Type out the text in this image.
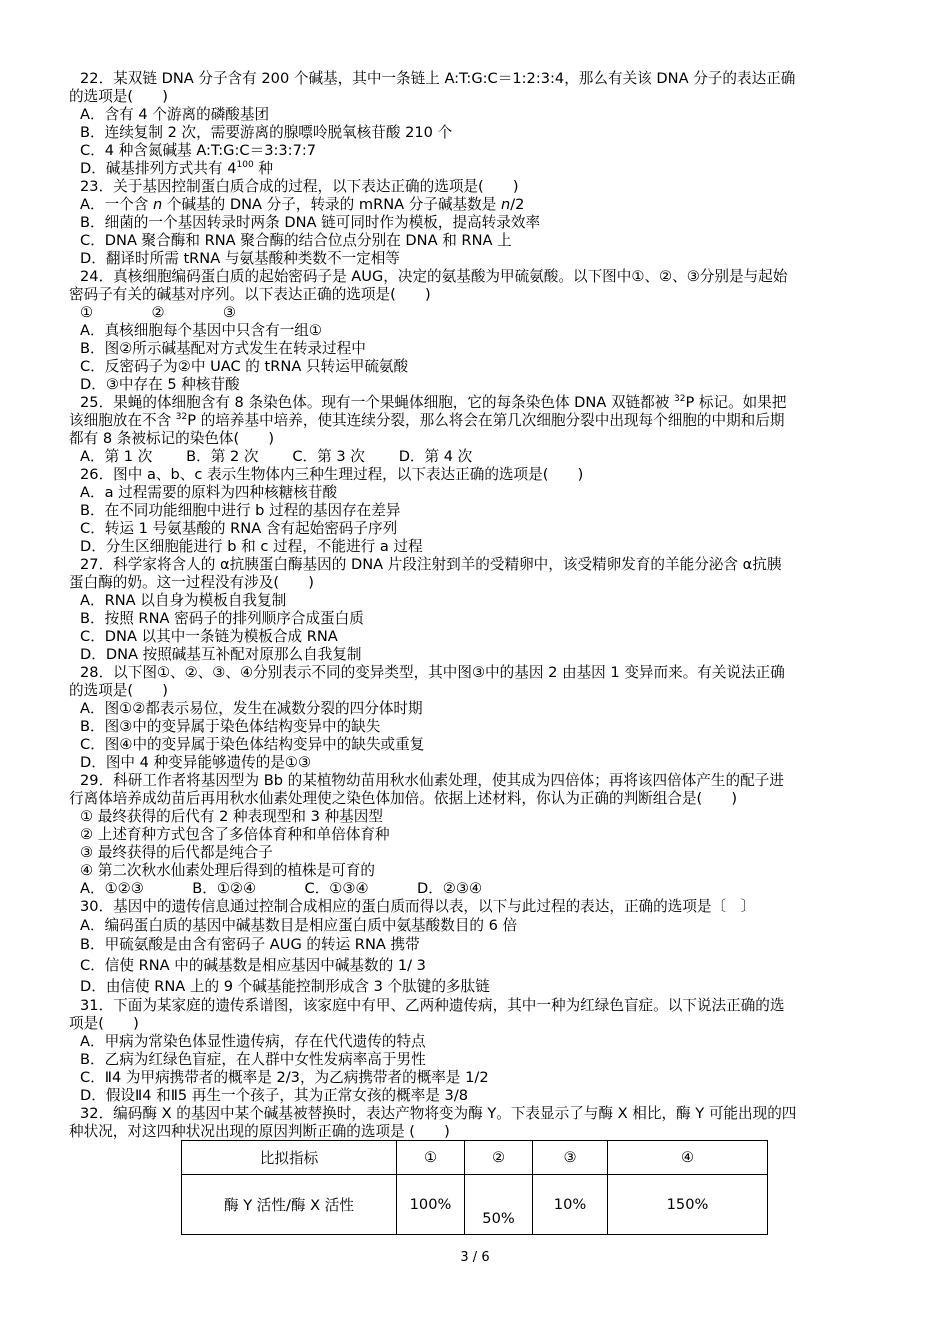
22．某双链 DNA 分子含有 200 个碱基，其中一条链上 A:T:G:C＝1:2:3:4，那么有关该 DNA 分子的表达正确
的选项是(　　)
A．含有 4 个游离的磷酸基团
B．连续复制 2 次，需要游离的腺嘌呤脱氧核苷酸 210 个
C．4 种含氮碱基 A:T:G:C＝3:3:7:7
D．碱基排列方式共有 $4^{100}$ 种
23．关于基因控制蛋白质合成的过程，以下表达正确的选项是(　　)
A．一个含 n 个碱基的 DNA 分子，转录的 mRNA 分子碱基数是 n/2
B．细菌的一个基因转录时两条 DNA 链可同时作为模板，提高转录效率
C．DNA 聚合酶和 RNA 聚合酶的结合位点分别在 DNA 和 RNA 上
D．翻译时所需 tRNA 与氨基酸种类数不一定相等
24．真核细胞编码蛋白质的起始密码子是 AUG，决定的氨基酸为甲硫氨酸。以下图中①、②、③分别是与起始
密码子有关的碱基对序列。以下表达正确的选项是(　　)
①　　　　②　　　　③
A．真核细胞每个基因中只含有一组①
B．图②所示碱基配对方式发生在转录过程中
C．反密码子为②中 UAC 的 tRNA 只转运甲硫氨酸
D．③中存在 5 种核苷酸
25．果蝇的体细胞含有 8 条染色体。现有一个果蝇体细胞，它的每条染色体 DNA 双链都被 $^{32}$P 标记。如果把
该细胞放在不含 $^{32}$P 的培养基中培养，使其连续分裂，那么将会在第几次细胞分裂中出现每个细胞的中期和后期
都有 8 条被标记的染色体(　　)
A．第 1 次　　 B．第 2 次　　 C．第 3 次　　 D．第 4 次
26．图中 a、b、c 表示生物体内三种生理过程，以下表达正确的选项是(　　)
A．a 过程需要的原料为四种核糖核苷酸
B．在不同功能细胞中进行 b 过程的基因存在差异
C．转运 1 号氨基酸的 RNA 含有起始密码子序列
D．分生区细胞能进行 b 和 c 过程，不能进行 a 过程
27．科学家将含人的 α抗胰蛋白酶基因的 DNA 片段注射到羊的受精卵中，该受精卵发育的羊能分泌含 α抗胰
蛋白酶的奶。这一过程没有涉及(　　)
A．RNA 以自身为模板自我复制
B．按照 RNA 密码子的排列顺序合成蛋白质
C．DNA 以其中一条链为模板合成 RNA
D．DNA 按照碱基互补配对原那么自我复制
28．以下图①、②、③、④分别表示不同的变异类型，其中图③中的基因 2 由基因 1 变异而来。有关说法正确
的选项是(　　)
A．图①②都表示易位，发生在减数分裂的四分体时期
B．图③中的变异属于染色体结构变异中的缺失
C．图④中的变异属于染色体结构变异中的缺失或重复
D．图中 4 种变异能够遗传的是①③
29．科研工作者将基因型为 Bb 的某植物幼苗用秋水仙素处理，使其成为四倍体；再将该四倍体产生的配子进
行离体培养成幼苗后再用秋水仙素处理使之染色体加倍。依据上述材料，你认为正确的判断组合是(　　)
① 最终获得的后代有 2 种表现型和 3 种基因型
② 上述育种方式包含了多倍体育种和单倍体育种
③ 最终获得的后代都是纯合子
④ 第二次秋水仙素处理后得到的植株是可育的
A．①②③　　　 B．①②④　　　 C．①③④　　　 D．②③④
30．基因中的遗传信息通过控制合成相应的蛋白质而得以表，以下与此过程的表达，正确的选项是〔　〕
A．编码蛋白质的基因中碱基数目是相应蛋白质中氨基酸数目的 6 倍
B．甲硫氨酸是由含有密码子 AUG 的转运 RNA 携带
C．信使 RNA 中的碱基数是相应基因中碱基数的 1/ 3
D．由信使 RNA 上的 9 个碱基能控制形成含 3 个肽键的多肽链
31．下面为某家庭的遗传系谱图，该家庭中有甲、乙两种遗传病，其中一种为红绿色盲症。以下说法正确的选
项是(　　)
A．甲病为常染色体显性遗传病，存在代代遗传的特点
B．乙病为红绿色盲症，在人群中女性发病率高于男性
C．Ⅱ4 为甲病携带者的概率是 2/3，为乙病携带者的概率是 1/2
D．假设Ⅱ4 和Ⅱ5 再生一个孩子，其为正常女孩的概率是 3/8
32．编码酶 X 的基因中某个碱基被替换时，表达产物将变为酶 Y。下表显示了与酶 X 相比，酶 Y 可能出现的四
种状况，对这四种状况出现的原因判断正确的选项是 (　　)
比拟指标	①	②	③	④
酶 Y 活性/酶 X 活性	100%	50%	10%	150%
3 / 6
